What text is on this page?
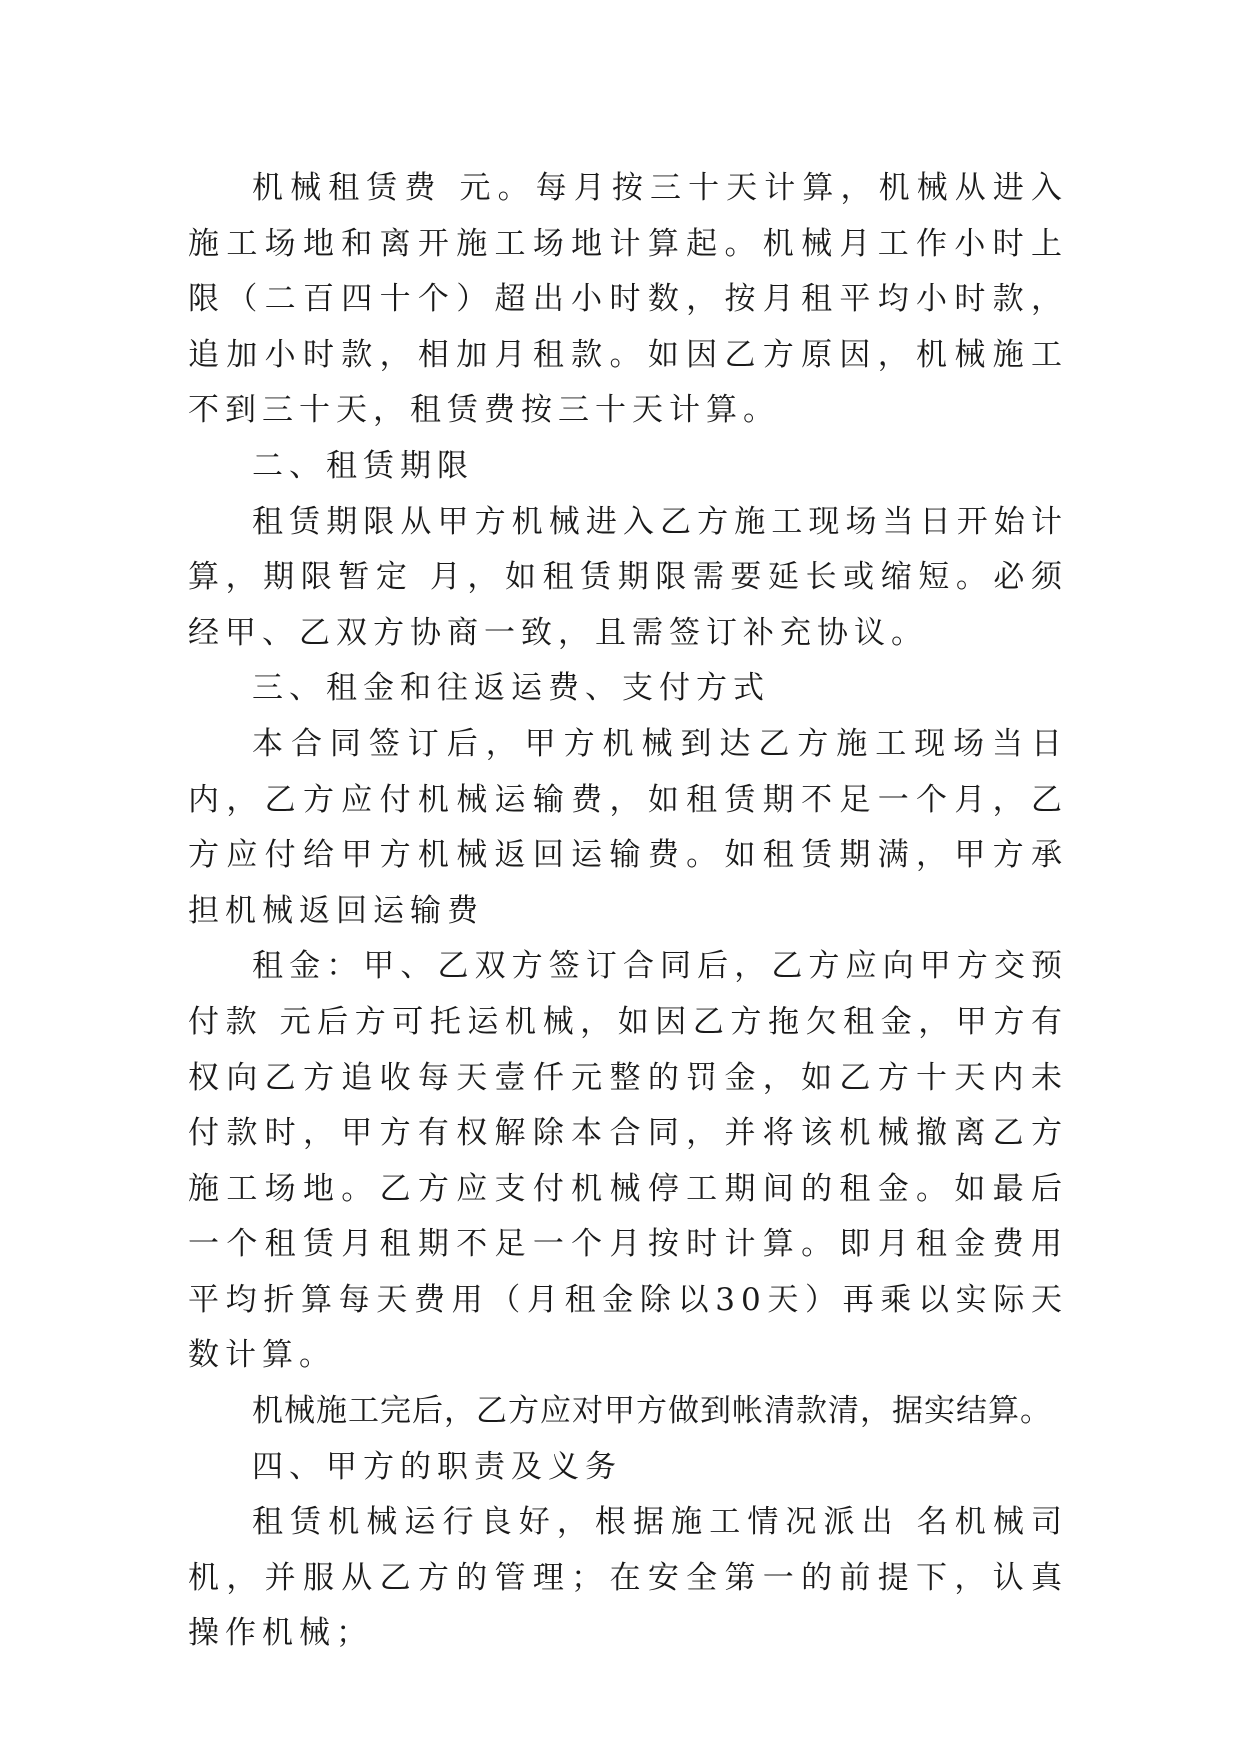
机械租赁费 元。每月按三十天计算，机械从进入施工场地和离开施工场地计算起。机械月工作小时上限（二百四十个）超出小时数，按月租平均小时款，追加小时款，相加月租款。如因乙方原因，机械施工不到三十天，租赁费按三十天计算。

二、租赁期限

租赁期限从甲方机械进入乙方施工现场当日开始计算，期限暂定 月，如租赁期限需要延长或缩短。必须经甲、乙双方协商一致，且需签订补充协议。

三、租金和往返运费、支付方式

本合同签订后，甲方机械到达乙方施工现场当日内，乙方应付机械运输费，如租赁期不足一个月，乙方应付给甲方机械返回运输费。如租赁期满，甲方承担机械返回运输费

租金：甲、乙双方签订合同后，乙方应向甲方交预付款 元后方可托运机械，如因乙方拖欠租金，甲方有权向乙方追收每天壹仟元整的罚金，如乙方十天内未付款时，甲方有权解除本合同，并将该机械撤离乙方施工场地。乙方应支付机械停工期间的租金。如最后一个租赁月租期不足一个月按时计算。即月租金费用平均折算每天费用（月租金除以30天）再乘以实际天数计算。

机械施工完后，乙方应对甲方做到帐清款清，据实结算。

四、甲方的职责及义务

租赁机械运行良好，根据施工情况派出 名机械司机，并服从乙方的管理；在安全第一的前提下，认真操作机械；
